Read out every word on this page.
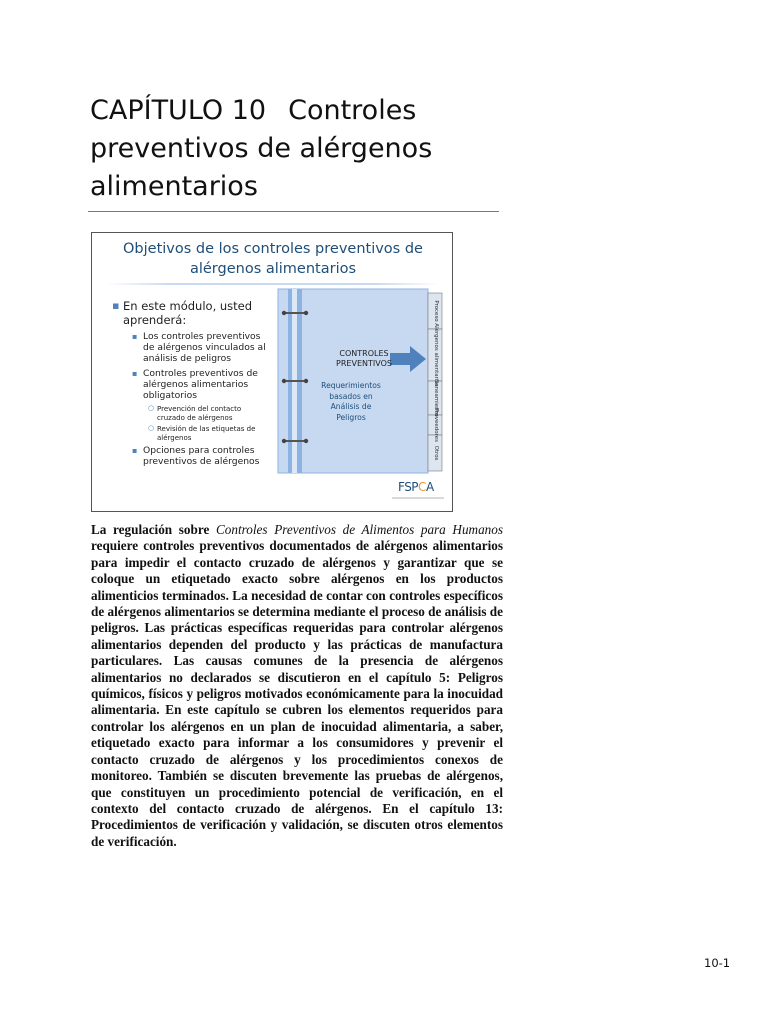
CAPÍTULO 10 Controles
preventivos de alérgenos
alimentarios
Objetivos de los controles preventivos de
alérgenos alimentarios
▪ En este módulo, usted aprenderá:
▪ Los controles preventivos de alérgenos vinculados al análisis de peligros
▪ Controles preventivos de alérgenos alimentarios obligatorios
○ Prevención del contacto cruzado de alérgenos
○ Revisión de las etiquetas de alérgenos
▪ Opciones para controles preventivos de alérgenos
Proceso
Alérgenos alimentarios
Saneamiento
Proveedores
Otros
CONTROLES
PREVENTIVOS
Requerimientos
basados en
Análisis de
Peligros
FSPCA

La regulación sobre Controles Preventivos de Alimentos para Humanos requiere controles preventivos documentados de alérgenos alimentarios para impedir el contacto cruzado de alérgenos y garantizar que se coloque un etiquetado exacto sobre alérgenos en los productos alimenticios terminados. La necesidad de contar con controles específicos de alérgenos alimentarios se determina mediante el proceso de análisis de peligros. Las prácticas específicas requeridas para controlar alérgenos alimentarios dependen del producto y las prácticas de manufactura particulares. Las causas comunes de la presencia de alérgenos alimentarios no declarados se discutieron en el capítulo 5: Peligros químicos, físicos y peligros motivados económicamente para la inocuidad alimentaria. En este capítulo se cubren los elementos requeridos para controlar los alérgenos en un plan de inocuidad alimentaria, a saber, etiquetado exacto para informar a los consumidores y prevenir el contacto cruzado de alérgenos y los procedimientos conexos de monitoreo. También se discuten brevemente las pruebas de alérgenos, que constituyen un procedimiento potencial de verificación, en el contexto del contacto cruzado de alérgenos. En el capítulo 13: Procedimientos de verificación y validación, se discuten otros elementos de verificación.

10-1
